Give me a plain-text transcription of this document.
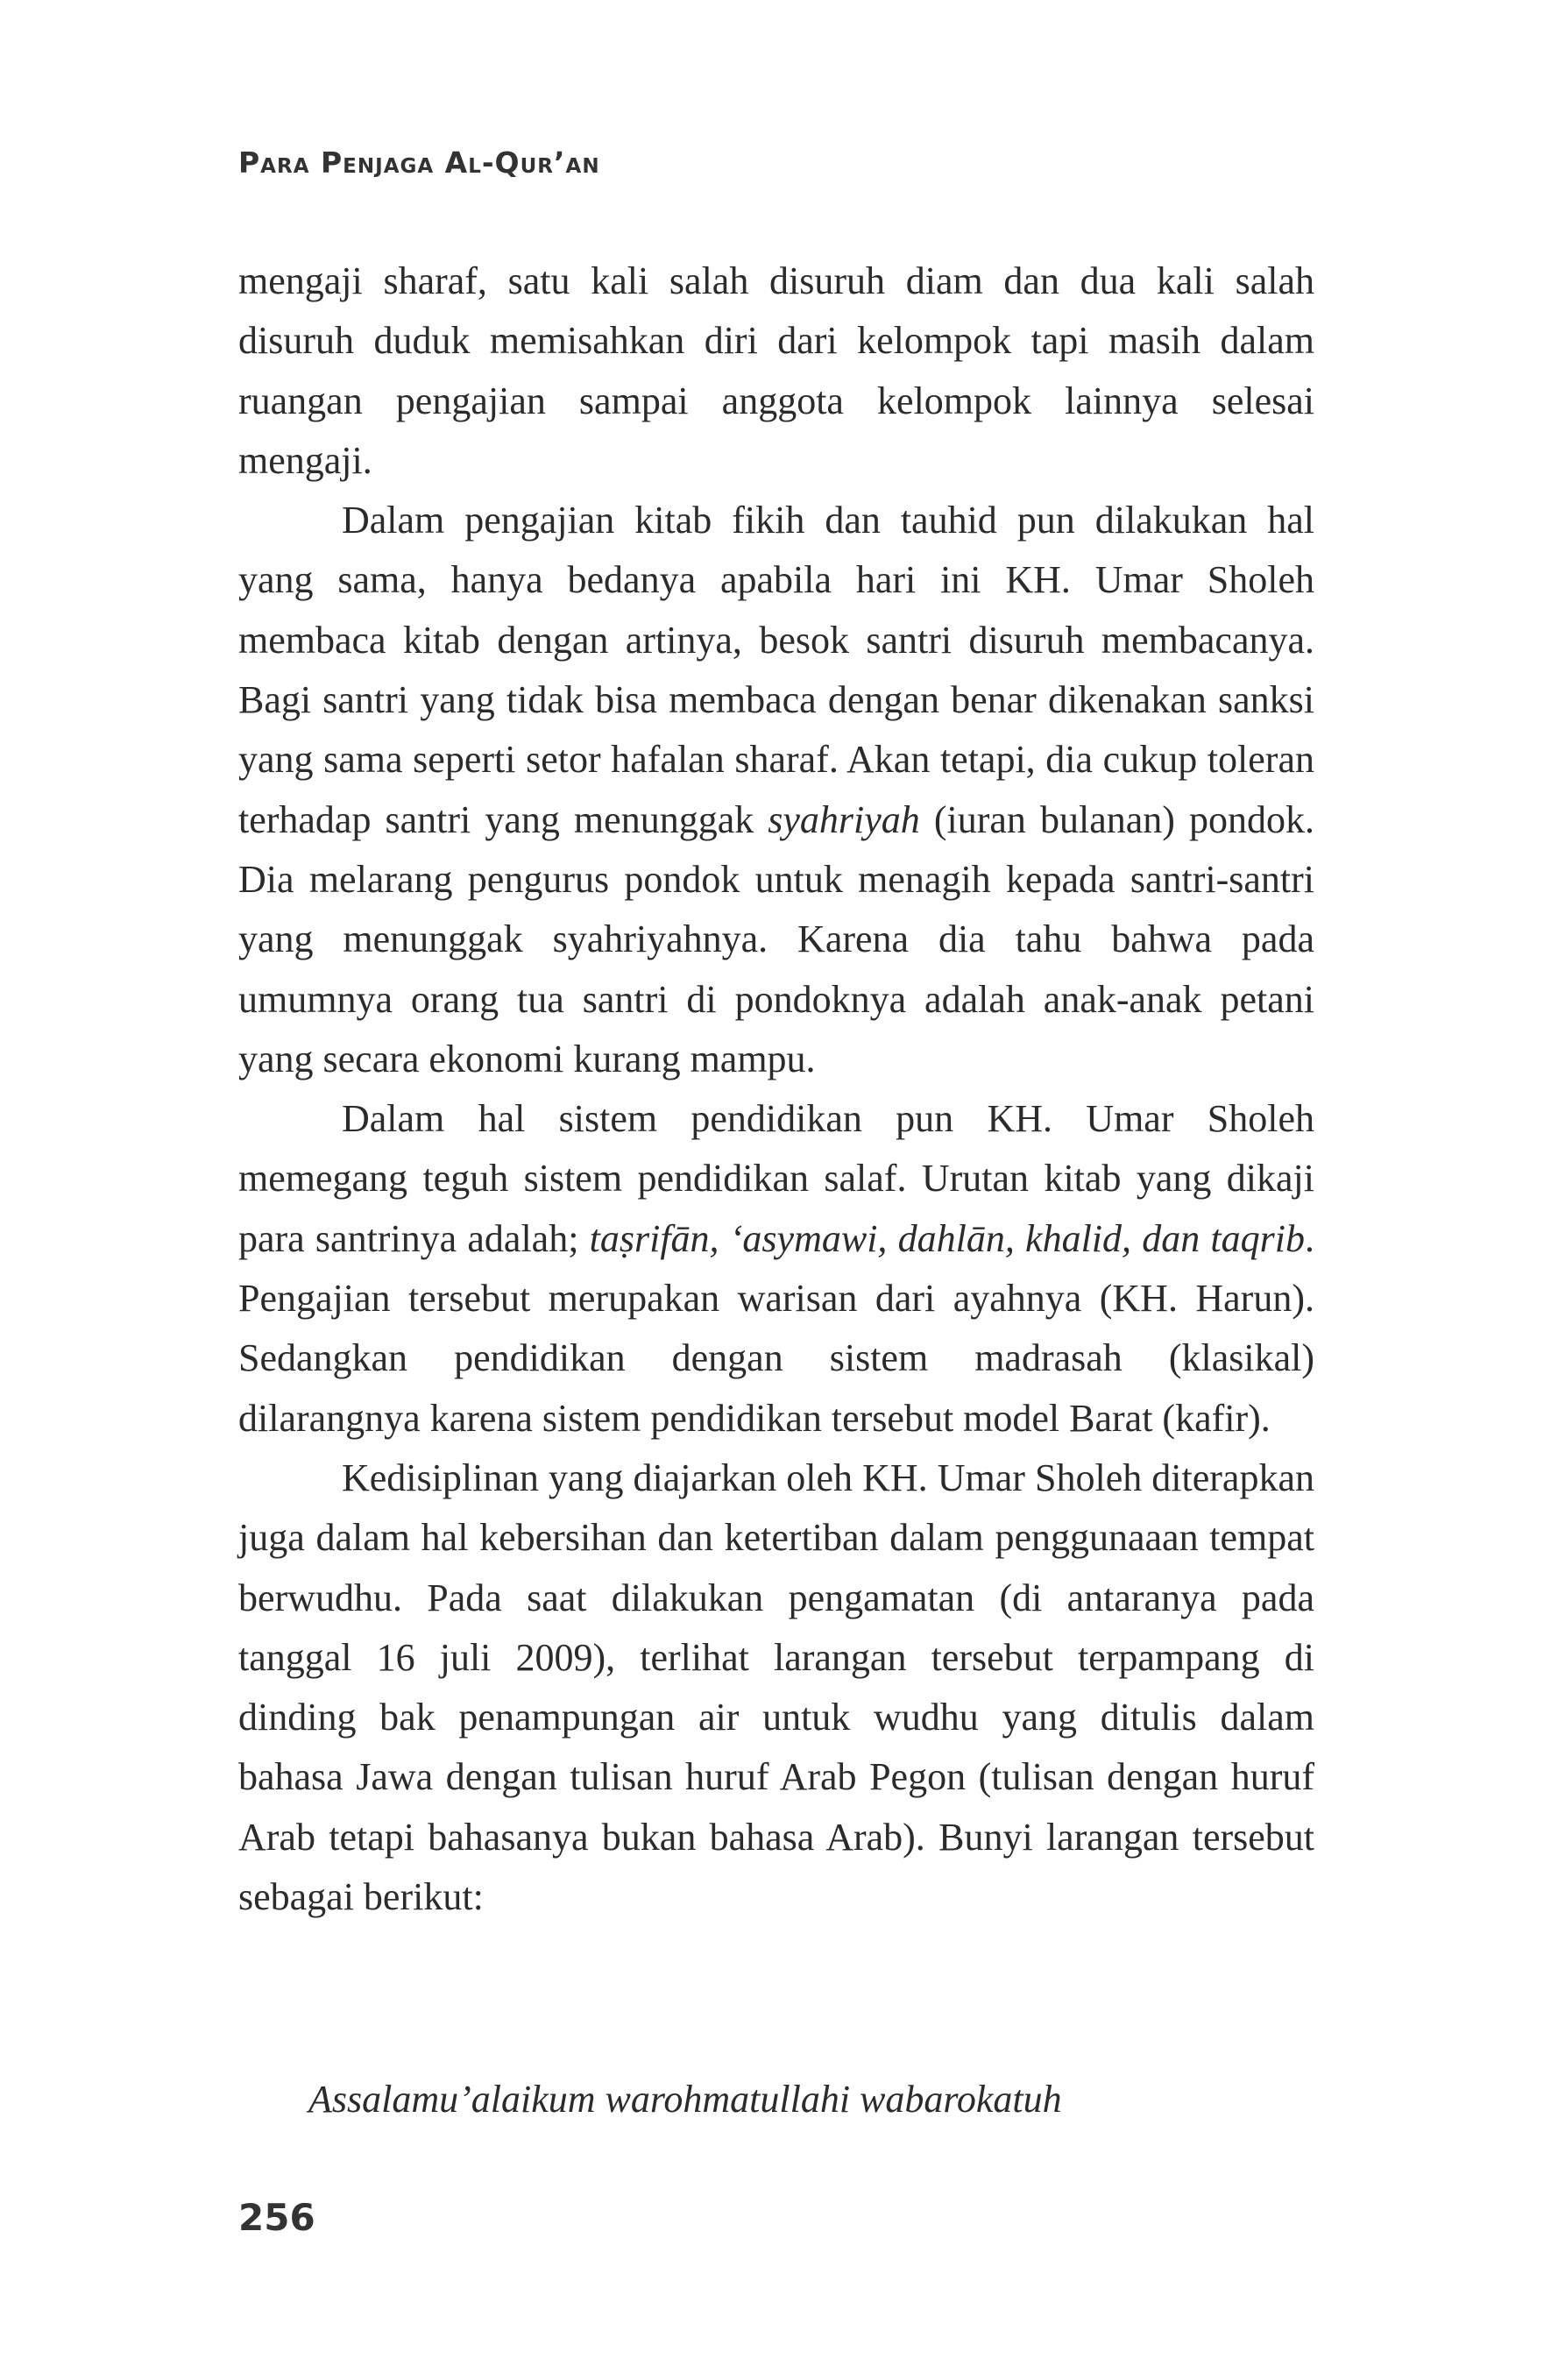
Para Penjaga Al-Qur’an

mengaji sharaf, satu kali salah disuruh diam dan dua kali salah disuruh duduk memisahkan diri dari kelompok tapi masih dalam ruangan pengajian sampai anggota kelompok lainnya selesai mengaji.

Dalam pengajian kitab fikih dan tauhid pun dilakukan hal yang sama, hanya bedanya apabila hari ini KH. Umar Sholeh membaca kitab dengan artinya, besok santri disuruh membacanya. Bagi santri yang tidak bisa membaca dengan benar dikenakan sanksi yang sama seperti setor hafalan sharaf. Akan tetapi, dia cukup toleran terhadap santri yang menunggak syahriyah (iuran bulanan) pondok. Dia melarang pengurus pondok untuk menagih kepada santri-santri yang menunggak syahriyahnya. Karena dia tahu bahwa pada umumnya orang tua santri di pondoknya adalah anak-anak petani yang secara ekonomi kurang mampu.

Dalam hal sistem pendidikan pun KH. Umar Sholeh memegang teguh sistem pendidikan salaf. Urutan kitab yang dikaji para santrinya adalah; taṣrifān, ‘asymawi, dahlān, khalid, dan taqrib. Pengajian tersebut merupakan warisan dari ayahnya (KH. Harun). Sedangkan pendidikan dengan sistem madrasah (klasikal) dilarangnya karena sistem pendidikan tersebut model Barat (kafir).

Kedisiplinan yang diajarkan oleh KH. Umar Sholeh diterapkan juga dalam hal kebersihan dan ketertiban dalam penggunaaan tempat berwudhu. Pada saat dilakukan pengamatan (di antaranya pada tanggal 16 juli 2009), terlihat larangan tersebut terpampang di dinding bak penampungan air untuk wudhu yang ditulis dalam bahasa Jawa dengan tulisan huruf Arab Pegon (tulisan dengan huruf Arab tetapi bahasanya bukan bahasa Arab). Bunyi larangan tersebut sebagai berikut:

Assalamu’alaikum warohmatullahi wabarokatuh
256
